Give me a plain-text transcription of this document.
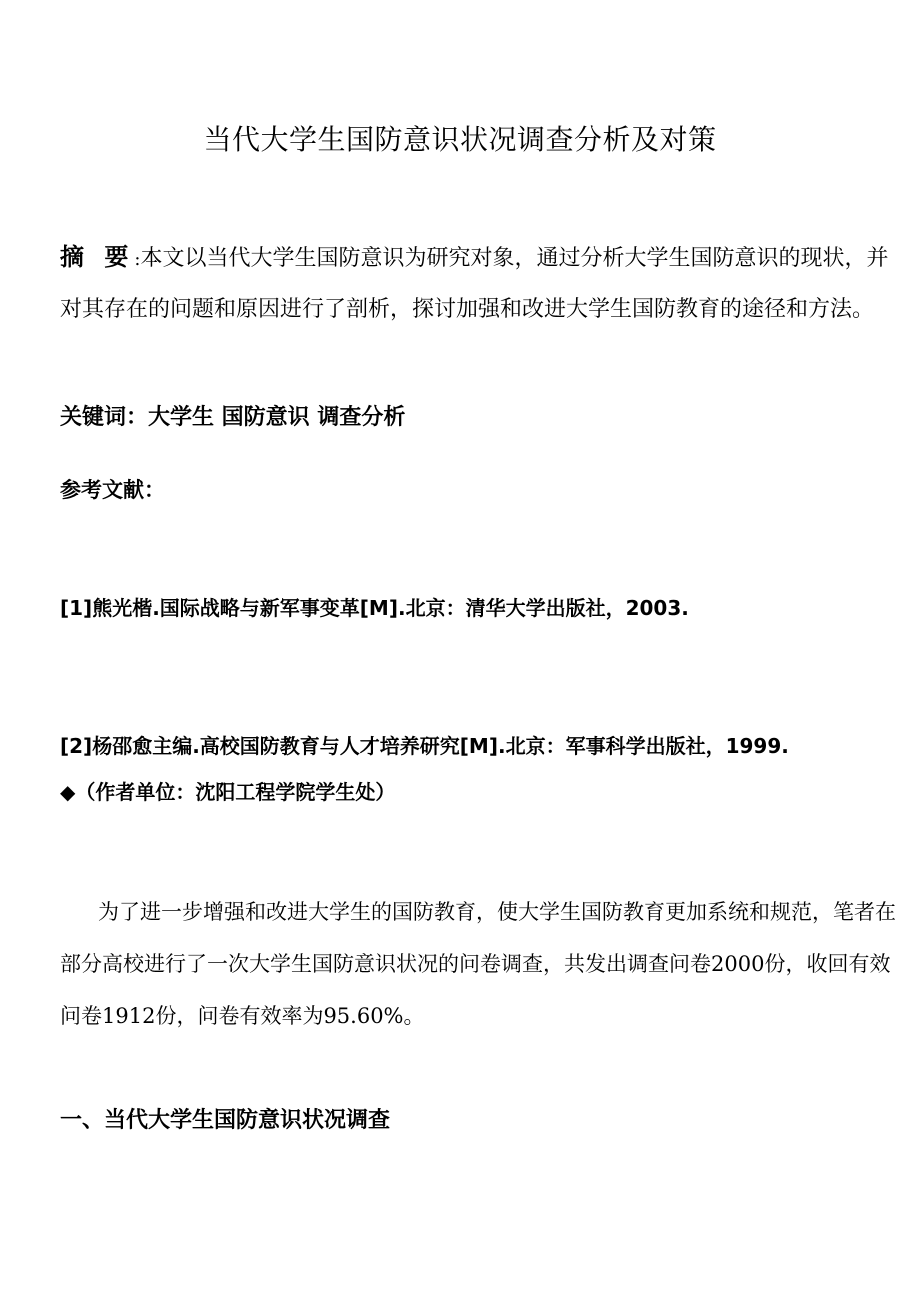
当代大学生国防意识状况调查分析及对策
摘 要:本文以当代大学生国防意识为研究对象，通过分析大学生国防意识的现状，并对其存在的问题和原因进行了剖析，探讨加强和改进大学生国防教育的途径和方法。
关键词：大学生 国防意识 调查分析
参考文献：
[1]熊光楷.国际战略与新军事变革[M].北京：清华大学出版社，2003.
[2]杨邵愈主编.高校国防教育与人才培养研究[M].北京：军事科学出版社，1999.
◆（作者单位：沈阳工程学院学生处）
为了进一步增强和改进大学生的国防教育，使大学生国防教育更加系统和规范，笔者在部分高校进行了一次大学生国防意识状况的问卷调查，共发出调查问卷2000份，收回有效问卷1912份，问卷有效率为95.60%。
一、当代大学生国防意识状况调查
